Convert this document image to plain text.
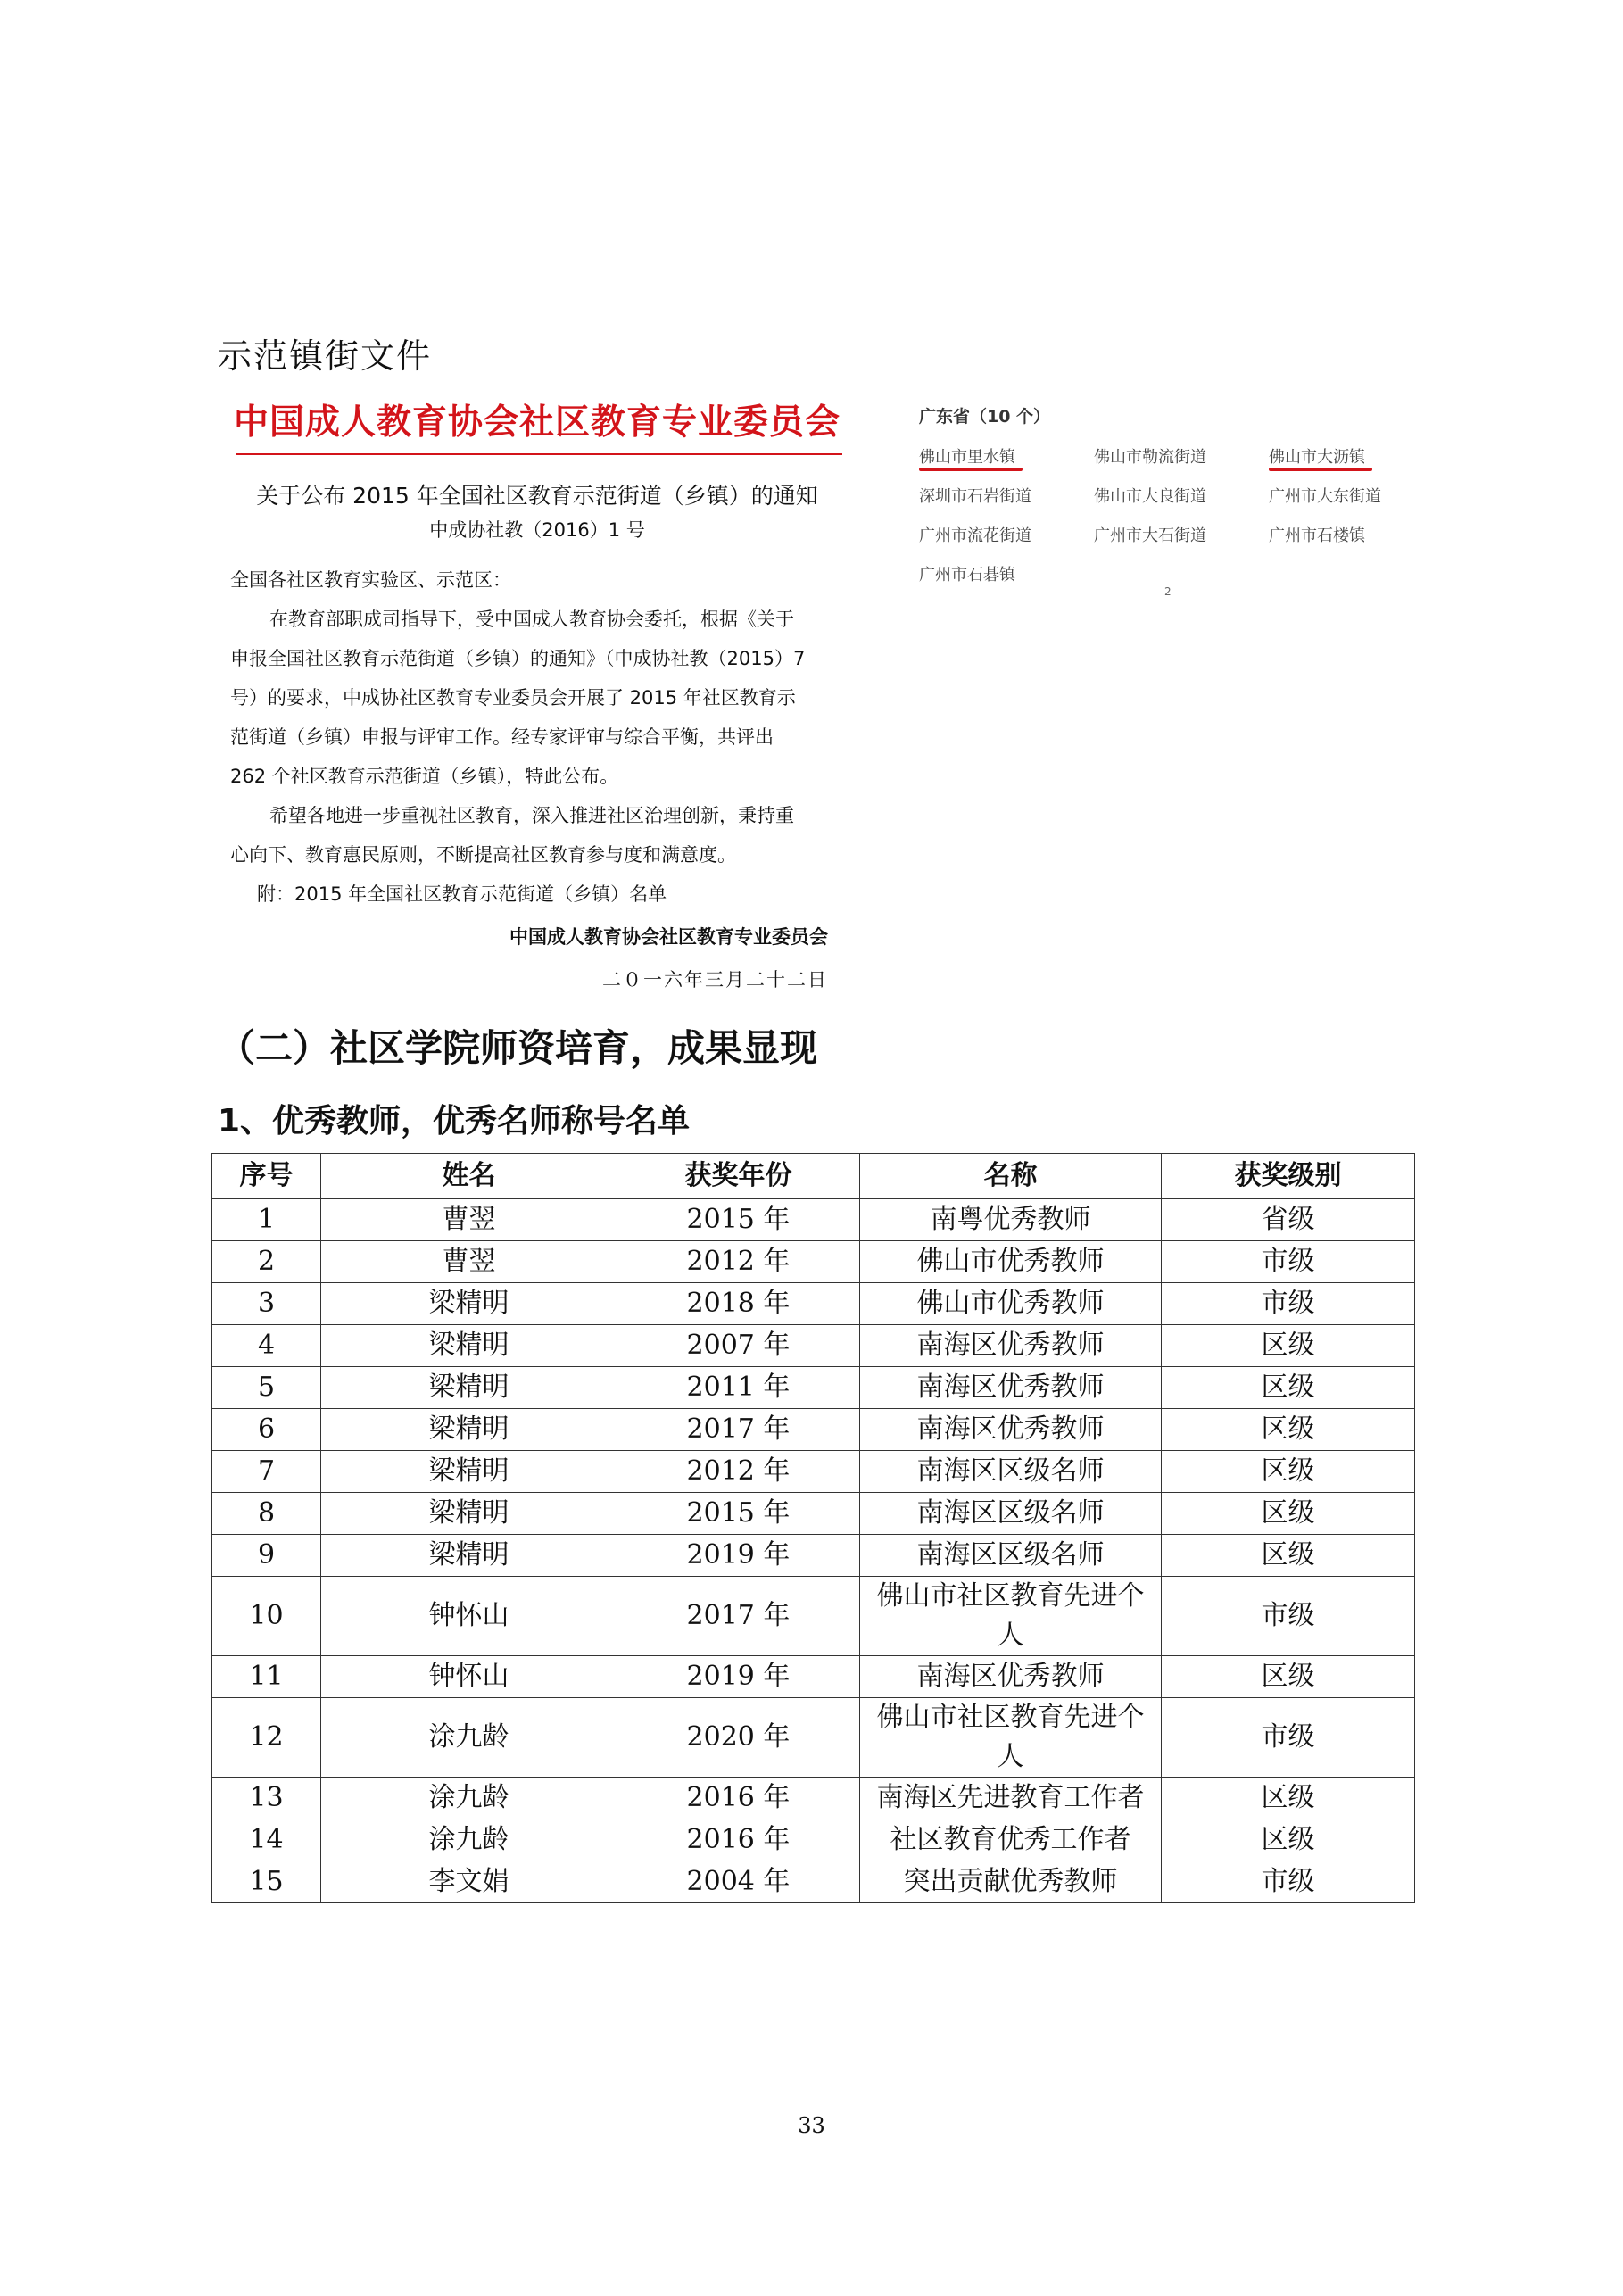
示范镇街文件
中国成人教育协会社区教育专业委员会
关于公布 2015 年全国社区教育示范街道（乡镇）的通知
中成协社教（2016）1 号
全国各社区教育实验区、示范区：
在教育部职成司指导下，受中国成人教育协会委托，根据《关于
申报全国社区教育示范街道（乡镇）的通知》（中成协社教（2015）7
号）的要求，中成协社区教育专业委员会开展了 2015 年社区教育示
范街道（乡镇）申报与评审工作。经专家评审与综合平衡，共评出
262 个社区教育示范街道（乡镇），特此公布。
希望各地进一步重视社区教育，深入推进社区治理创新，秉持重
心向下、教育惠民原则，不断提高社区教育参与度和满意度。
附：2015 年全国社区教育示范街道（乡镇）名单
中国成人教育协会社区教育专业委员会
二０一六年三月二十二日
广东省（10 个）
佛山市里水镇	佛山市勒流街道	佛山市大沥镇
深圳市石岩街道	佛山市大良街道	广州市大东街道
广州市流花街道	广州市大石街道	广州市石楼镇
广州市石碁镇
2
（二）社区学院师资培育，成果显现
1、优秀教师，优秀名师称号名单
序号	姓名	获奖年份	名称	获奖级别
1	曹翌	2015 年	南粤优秀教师	省级
2	曹翌	2012 年	佛山市优秀教师	市级
3	梁精明	2018 年	佛山市优秀教师	市级
4	梁精明	2007 年	南海区优秀教师	区级
5	梁精明	2011 年	南海区优秀教师	区级
6	梁精明	2017 年	南海区优秀教师	区级
7	梁精明	2012 年	南海区区级名师	区级
8	梁精明	2015 年	南海区区级名师	区级
9	梁精明	2019 年	南海区区级名师	区级
10	钟怀山	2017 年	佛山市社区教育先进个人	市级
11	钟怀山	2019 年	南海区优秀教师	区级
12	涂九龄	2020 年	佛山市社区教育先进个人	市级
13	涂九龄	2016 年	南海区先进教育工作者	区级
14	涂九龄	2016 年	社区教育优秀工作者	区级
15	李文娟	2004 年	突出贡献优秀教师	市级
33
